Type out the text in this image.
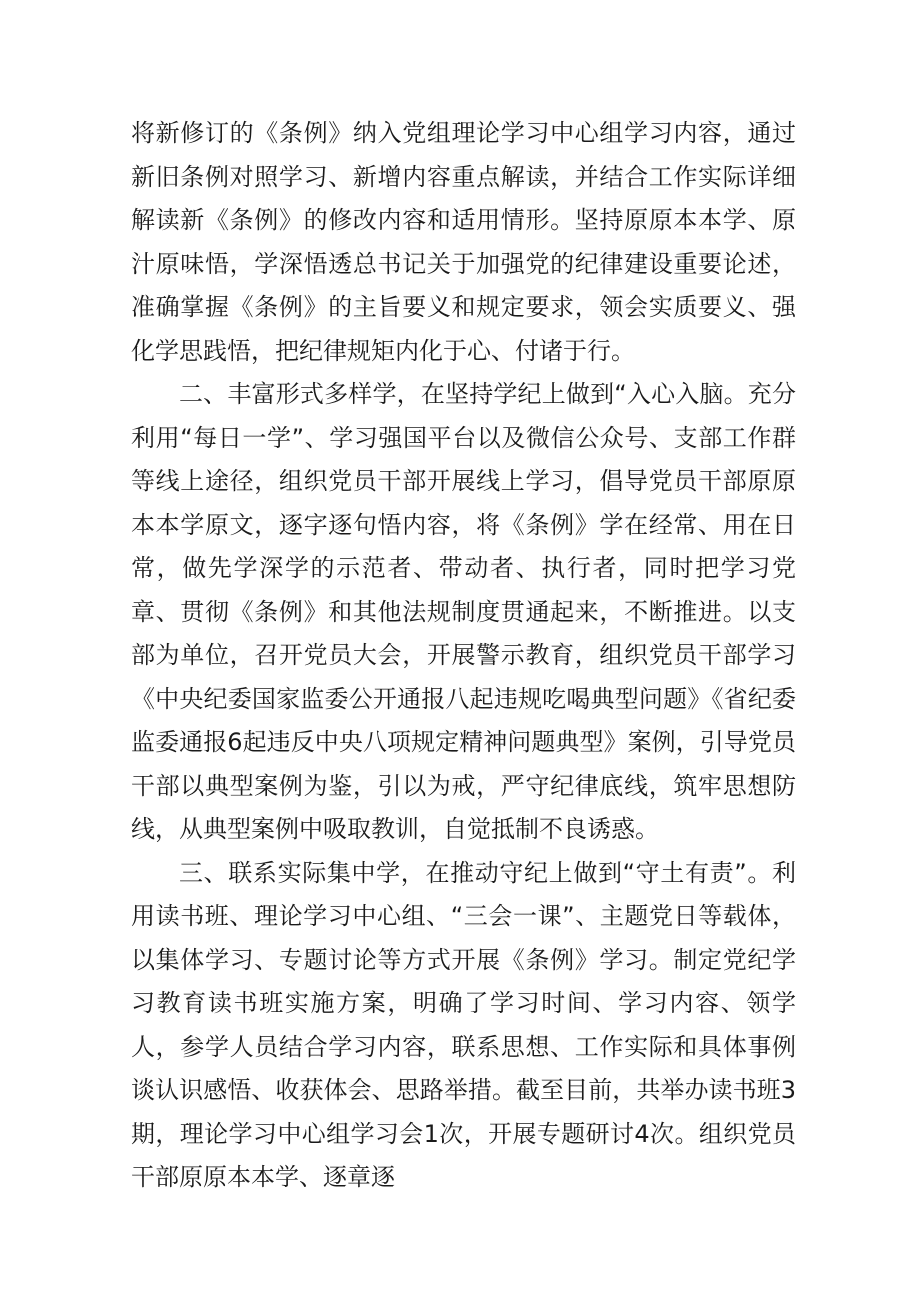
将新修订的《条例》纳入党组理论学习中心组学习内容，通过新旧条例对照学习、新增内容重点解读，并结合工作实际详细解读新《条例》的修改内容和适用情形。坚持原原本本学、原汁原味悟，学深悟透总书记关于加强党的纪律建设重要论述，准确掌握《条例》的主旨要义和规定要求，领会实质要义、强化学思践悟，把纪律规矩内化于心、付诸于行。

二、丰富形式多样学，在坚持学纪上做到“入心入脑。充分利用“每日一学”、学习强国平台以及微信公众号、支部工作群等线上途径，组织党员干部开展线上学习，倡导党员干部原原本本学原文，逐字逐句悟内容，将《条例》学在经常、用在日常，做先学深学的示范者、带动者、执行者，同时把学习党章、贯彻《条例》和其他法规制度贯通起来，不断推进。以支部为单位，召开党员大会，开展警示教育，组织党员干部学习《中央纪委国家监委公开通报八起违规吃喝典型问题》《省纪委监委通报6起违反中央八项规定精神问题典型》案例，引导党员干部以典型案例为鉴，引以为戒，严守纪律底线，筑牢思想防线，从典型案例中吸取教训，自觉抵制不良诱惑。

三、联系实际集中学，在推动守纪上做到“守土有责”。利用读书班、理论学习中心组、“三会一课”、主题党日等载体，以集体学习、专题讨论等方式开展《条例》学习。制定党纪学习教育读书班实施方案，明确了学习时间、学习内容、领学人，参学人员结合学习内容，联系思想、工作实际和具体事例谈认识感悟、收获体会、思路举措。截至目前，共举办读书班3期，理论学习中心组学习会1次，开展专题研讨4次。组织党员干部原原本本学、逐章逐
